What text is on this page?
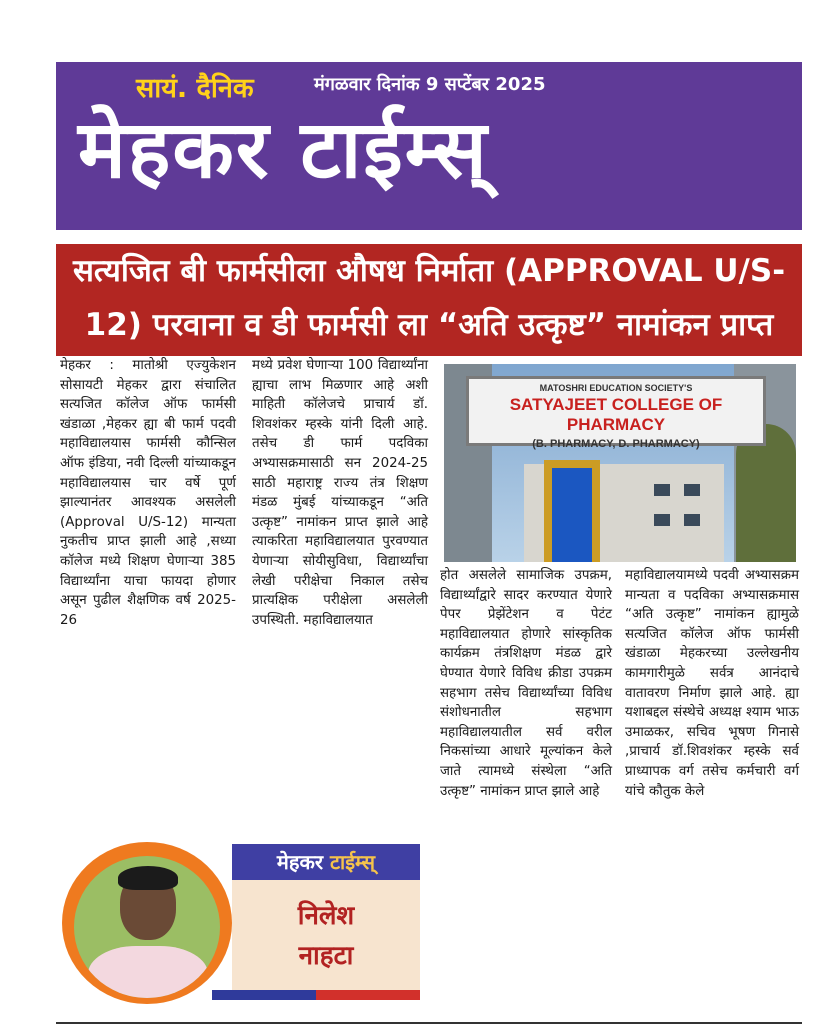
सायं. दैनिक	मंगळवार दिनांक 9 सप्टेंबर 2025
मेहकर टाईम्स्
सत्यजित बी फार्मसीला औषध निर्माता (APPROVAL U/S-12) परवाना व डी फार्मसी ला “अति उत्कृष्ट” नामांकन प्राप्त

मेहकर : मातोश्री एज्युकेशन सोसायटी मेहकर द्वारा संचालित सत्यजित कॉलेज ऑफ फार्मसी खंडाळा ,मेहकर ह्या बी फार्म पदवी महाविद्यालयास फार्मसी कौन्सिल ऑफ इंडिया, नवी दिल्ली यांच्याकडून महाविद्यालयास चार वर्षे पूर्ण झाल्यानंतर आवश्यक असलेली (Approval U/S-12) मान्यता नुकतीच प्राप्त झाली आहे ,सध्या कॉलेज मध्ये शिक्षण घेणाऱ्या 385 विद्यार्थ्यांना याचा फायदा होणार असून पुढील शैक्षणिक वर्ष 2025-26

मध्ये प्रवेश घेणाऱ्या 100 विद्यार्थ्यांना ह्याचा लाभ मिळणार आहे अशी माहिती कॉलेजचे प्राचार्य डॉ. शिवशंकर म्हस्के यांनी दिली आहे. तसेच डी फार्म पदविका अभ्यासक्रमासाठी सन 2024-25 साठी महाराष्ट्र राज्य तंत्र शिक्षण मंडळ मुंबई यांच्याकडून “अति उत्कृष्ट” नामांकन प्राप्त झाले आहे त्याकरिता महाविद्यालयात पुरवण्यात येणाऱ्या सोयीसुविधा, विद्यार्थ्यांचा लेखी परीक्षेचा निकाल तसेच प्रात्यक्षिक परीक्षेला असलेली उपस्थिती. महाविद्यालयात

MATOSHRI EDUCATION SOCIETY'S
SATYAJEET COLLEGE OF PHARMACY
(B. PHARMACY, D. PHARMACY)

होत असलेले सामाजिक उपक्रम, विद्यार्थ्यांद्वारे सादर करण्यात येणारे पेपर प्रेझेंटेशन व पेटंट महाविद्यालयात होणारे सांस्कृतिक कार्यक्रम तंत्रशिक्षण मंडळ द्वारे घेण्यात येणारे विविध क्रीडा उपक्रम सहभाग तसेच विद्यार्थ्यांच्या विविध संशोधनातील सहभाग महाविद्यालयातील सर्व वरील निकसांच्या आधारे मूल्यांकन केले जाते त्यामध्ये संस्थेला “अति उत्कृष्ट” नामांकन प्राप्त झाले आहे

महाविद्यालयामध्ये पदवी अभ्यासक्रम मान्यता व पदविका अभ्यासक्रमास “अति उत्कृष्ट” नामांकन ह्यामुळे सत्यजित कॉलेज ऑफ फार्मसी खंडाळा मेहकरच्या उल्लेखनीय कामगारीमुळे सर्वत्र आनंदाचे वातावरण निर्माण झाले आहे. ह्या यशाबद्दल संस्थेचे अध्यक्ष श्याम भाऊ उमाळकर, सचिव भूषण गिनासे ,प्राचार्य डॉ.शिवशंकर म्हस्के सर्व प्राध्यापक वर्ग तसेच कर्मचारी वर्ग यांचे कौतुक केले

मेहकर टाईम्स्
निलेश
नाहटा
